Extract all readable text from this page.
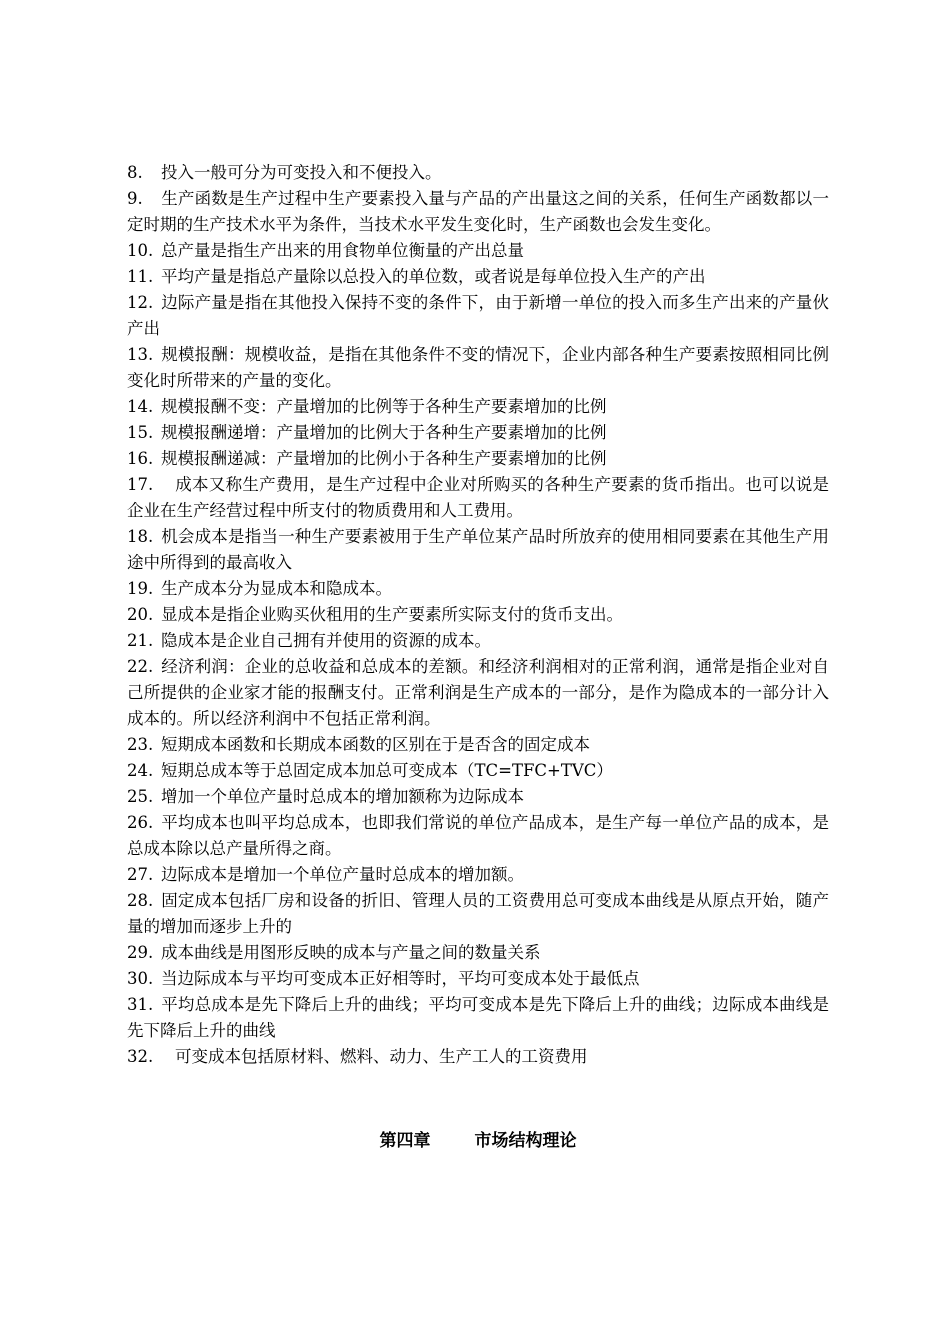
8. 投入一般可分为可变投入和不便投入。

9. 生产函数是生产过程中生产要素投入量与产品的产出量这之间的关系，任何生产函数都以一定时期的生产技术水平为条件，当技术水平发生变化时，生产函数也会发生变化。

10. 总产量是指生产出来的用食物单位衡量的产出总量

11. 平均产量是指总产量除以总投入的单位数，或者说是每单位投入生产的产出

12. 边际产量是指在其他投入保持不变的条件下，由于新增一单位的投入而多生产出来的产量伙产出

13. 规模报酬：规模收益，是指在其他条件不变的情况下，企业内部各种生产要素按照相同比例变化时所带来的产量的变化。

14. 规模报酬不变：产量增加的比例等于各种生产要素增加的比例

15. 规模报酬递增：产量增加的比例大于各种生产要素增加的比例

16. 规模报酬递减：产量增加的比例小于各种生产要素增加的比例

17. 成本又称生产费用，是生产过程中企业对所购买的各种生产要素的货币指出。也可以说是企业在生产经营过程中所支付的物质费用和人工费用。

18. 机会成本是指当一种生产要素被用于生产单位某产品时所放弃的使用相同要素在其他生产用途中所得到的最高收入

19. 生产成本分为显成本和隐成本。

20. 显成本是指企业购买伙租用的生产要素所实际支付的货币支出。

21. 隐成本是企业自己拥有并使用的资源的成本。

22. 经济利润：企业的总收益和总成本的差额。和经济利润相对的正常利润，通常是指企业对自己所提供的企业家才能的报酬支付。正常利润是生产成本的一部分，是作为隐成本的一部分计入成本的。所以经济利润中不包括正常利润。

23. 短期成本函数和长期成本函数的区别在于是否含的固定成本

24. 短期总成本等于总固定成本加总可变成本（TC=TFC+TVC）

25. 增加一个单位产量时总成本的增加额称为边际成本

26. 平均成本也叫平均总成本，也即我们常说的单位产品成本，是生产每一单位产品的成本，是总成本除以总产量所得之商。

27. 边际成本是增加一个单位产量时总成本的增加额。

28. 固定成本包括厂房和设备的折旧、管理人员的工资费用总可变成本曲线是从原点开始，随产量的增加而逐步上升的

29. 成本曲线是用图形反映的成本与产量之间的数量关系

30. 当边际成本与平均可变成本正好相等时，平均可变成本处于最低点

31. 平均总成本是先下降后上升的曲线；平均可变成本是先下降后上升的曲线；边际成本曲线是先下降后上升的曲线

32. 可变成本包括原材料、燃料、动力、生产工人的工资费用

第四章	市场结构理论
